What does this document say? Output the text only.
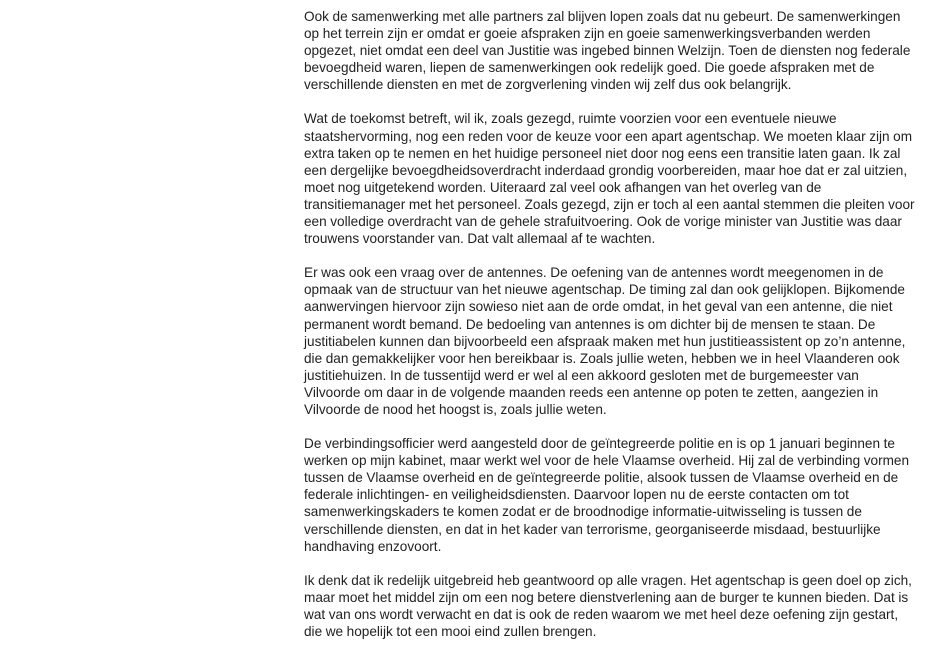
Ook de samenwerking met alle partners zal blijven lopen zoals dat nu gebeurt. De samenwerkingen op het terrein zijn er omdat er goeie afspraken zijn en goeie samenwerkingsverbanden werden opgezet, niet omdat een deel van Justitie was ingebed binnen Welzijn. Toen de diensten nog federale bevoegdheid waren, liepen de samenwerkingen ook redelijk goed. Die goede afspraken met de verschillende diensten en met de zorgverlening vinden wij zelf dus ook belangrijk.

Wat de toekomst betreft, wil ik, zoals gezegd, ruimte voorzien voor een eventuele nieuwe staatshervorming, nog een reden voor de keuze voor een apart agentschap. We moeten klaar zijn om extra taken op te nemen en het huidige personeel niet door nog eens een transitie laten gaan. Ik zal een dergelijke bevoegdheidsoverdracht inderdaad grondig voorbereiden, maar hoe dat er zal uitzien, moet nog uitgetekend worden. Uiteraard zal veel ook afhangen van het overleg van de transitiemanager met het personeel. Zoals gezegd, zijn er toch al een aantal stemmen die pleiten voor een volledige overdracht van de gehele strafuitvoering. Ook de vorige minister van Justitie was daar trouwens voorstander van. Dat valt allemaal af te wachten.

Er was ook een vraag over de antennes. De oefening van de antennes wordt meegenomen in de opmaak van de structuur van het nieuwe agentschap. De timing zal dan ook gelijklopen. Bijkomende aanwervingen hiervoor zijn sowieso niet aan de orde omdat, in het geval van een antenne, die niet permanent wordt bemand. De bedoeling van antennes is om dichter bij de mensen te staan. De justitiabelen kunnen dan bijvoorbeeld een afspraak maken met hun justitieassistent op zo’n antenne, die dan gemakkelijker voor hen bereikbaar is. Zoals jullie weten, hebben we in heel Vlaanderen ook justitiehuizen. In de tussentijd werd er wel al een akkoord gesloten met de burgemeester van Vilvoorde om daar in de volgende maanden reeds een antenne op poten te zetten, aangezien in Vilvoorde de nood het hoogst is, zoals jullie weten.

De verbindingsofficier werd aangesteld door de geïntegreerde politie en is op 1 januari beginnen te werken op mijn kabinet, maar werkt wel voor de hele Vlaamse overheid. Hij zal de verbinding vormen tussen de Vlaamse overheid en de geïntegreerde politie, alsook tussen de Vlaamse overheid en de federale inlichtingen- en veiligheidsdiensten. Daarvoor lopen nu de eerste contacten om tot samenwerkingskaders te komen zodat er de broodnodige informatie-uitwisseling is tussen de verschillende diensten, en dat in het kader van terrorisme, georganiseerde misdaad, bestuurlijke handhaving enzovoort.

Ik denk dat ik redelijk uitgebreid heb geantwoord op alle vragen. Het agentschap is geen doel op zich, maar moet het middel zijn om een nog betere dienstverlening aan de burger te kunnen bieden. Dat is wat van ons wordt verwacht en dat is ook de reden waarom we met heel deze oefening zijn gestart, die we hopelijk tot een mooi eind zullen brengen.
